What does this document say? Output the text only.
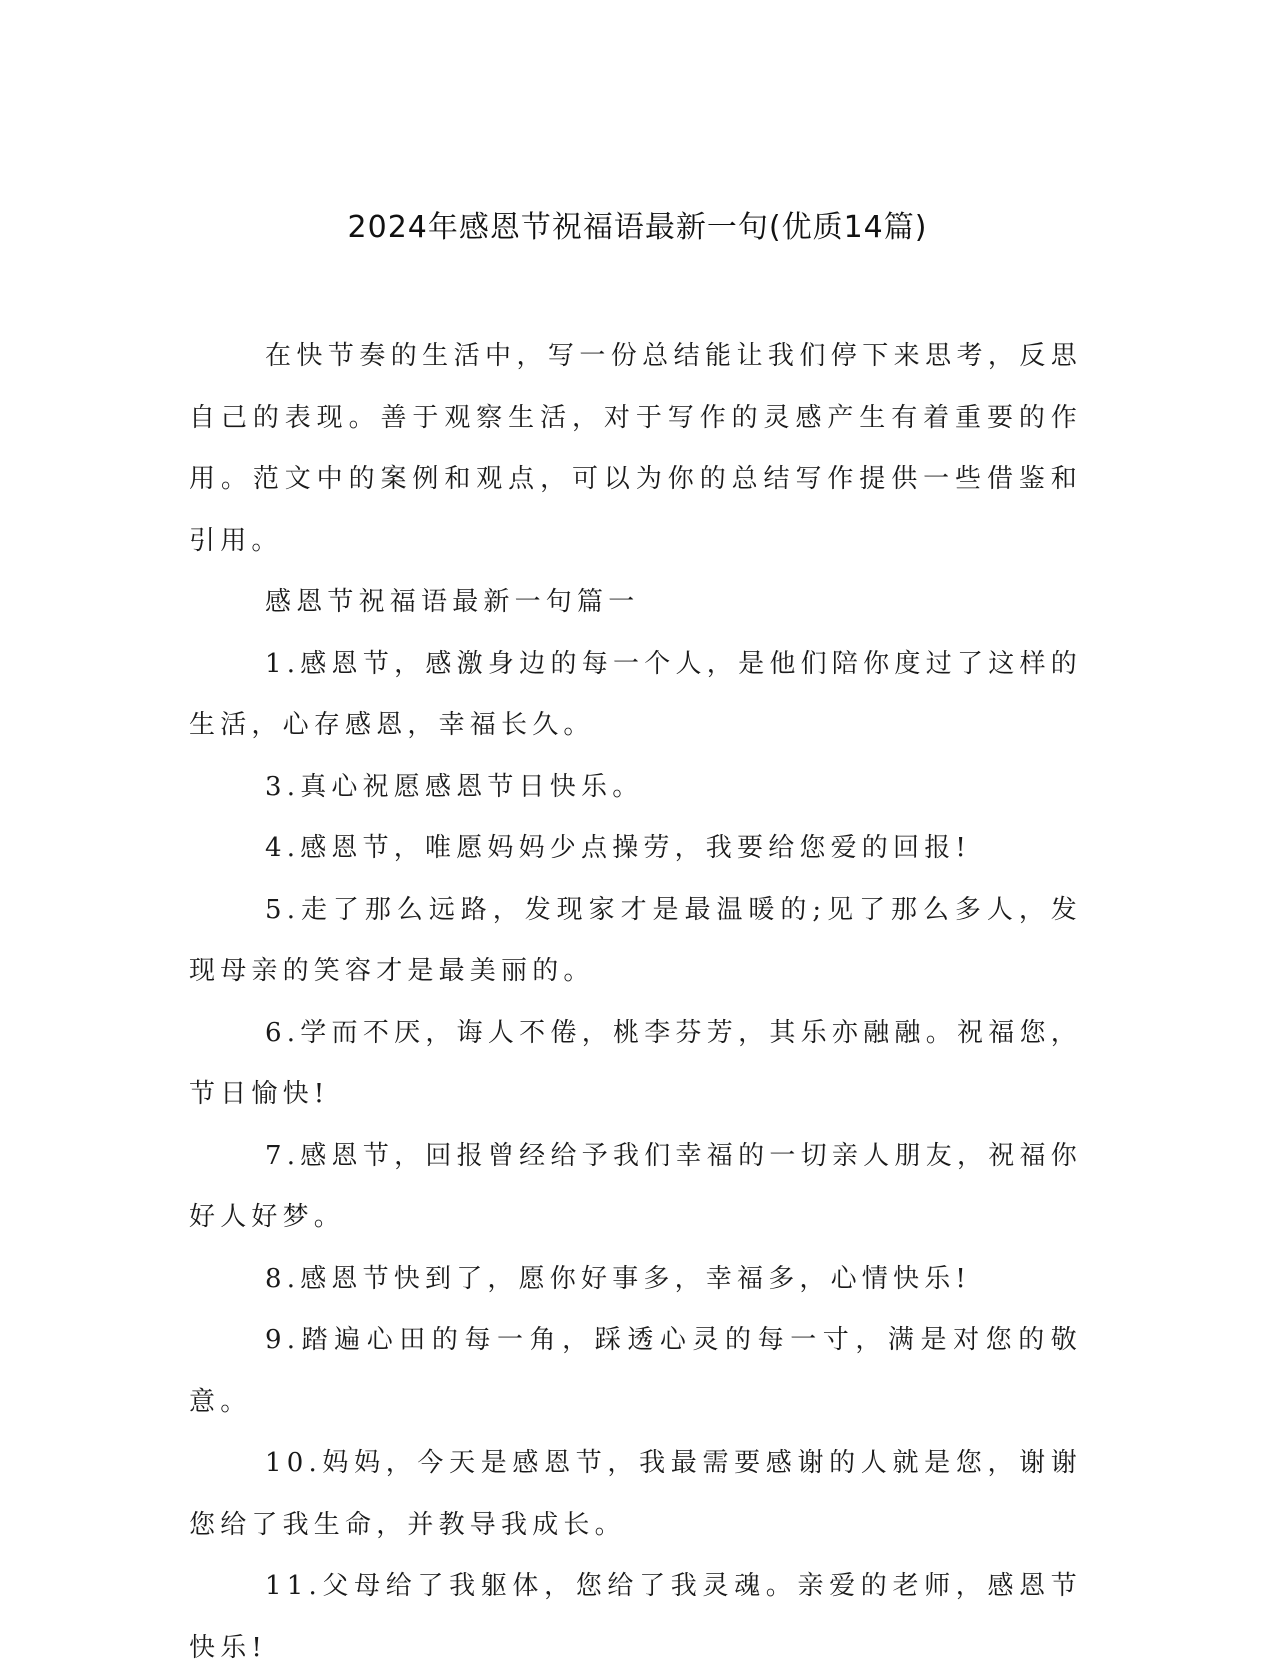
2024年感恩节祝福语最新一句(优质14篇)

在快节奏的生活中，写一份总结能让我们停下来思考，反思自己的表现。善于观察生活，对于写作的灵感产生有着重要的作用。范文中的案例和观点，可以为你的总结写作提供一些借鉴和引用。

感恩节祝福语最新一句篇一

1.感恩节，感激身边的每一个人，是他们陪你度过了这样的生活，心存感恩，幸福长久。

3.真心祝愿感恩节日快乐。

4.感恩节，唯愿妈妈少点操劳，我要给您爱的回报!

5.走了那么远路，发现家才是最温暖的;见了那么多人，发现母亲的笑容才是最美丽的。

6.学而不厌，诲人不倦，桃李芬芳，其乐亦融融。祝福您，节日愉快!

7.感恩节，回报曾经给予我们幸福的一切亲人朋友，祝福你好人好梦。

8.感恩节快到了，愿你好事多，幸福多，心情快乐!

9.踏遍心田的每一角，踩透心灵的每一寸，满是对您的敬意。

10.妈妈，今天是感恩节，我最需要感谢的人就是您，谢谢您给了我生命，并教导我成长。

11.父母给了我躯体，您给了我灵魂。亲爱的老师，感恩节快乐!
